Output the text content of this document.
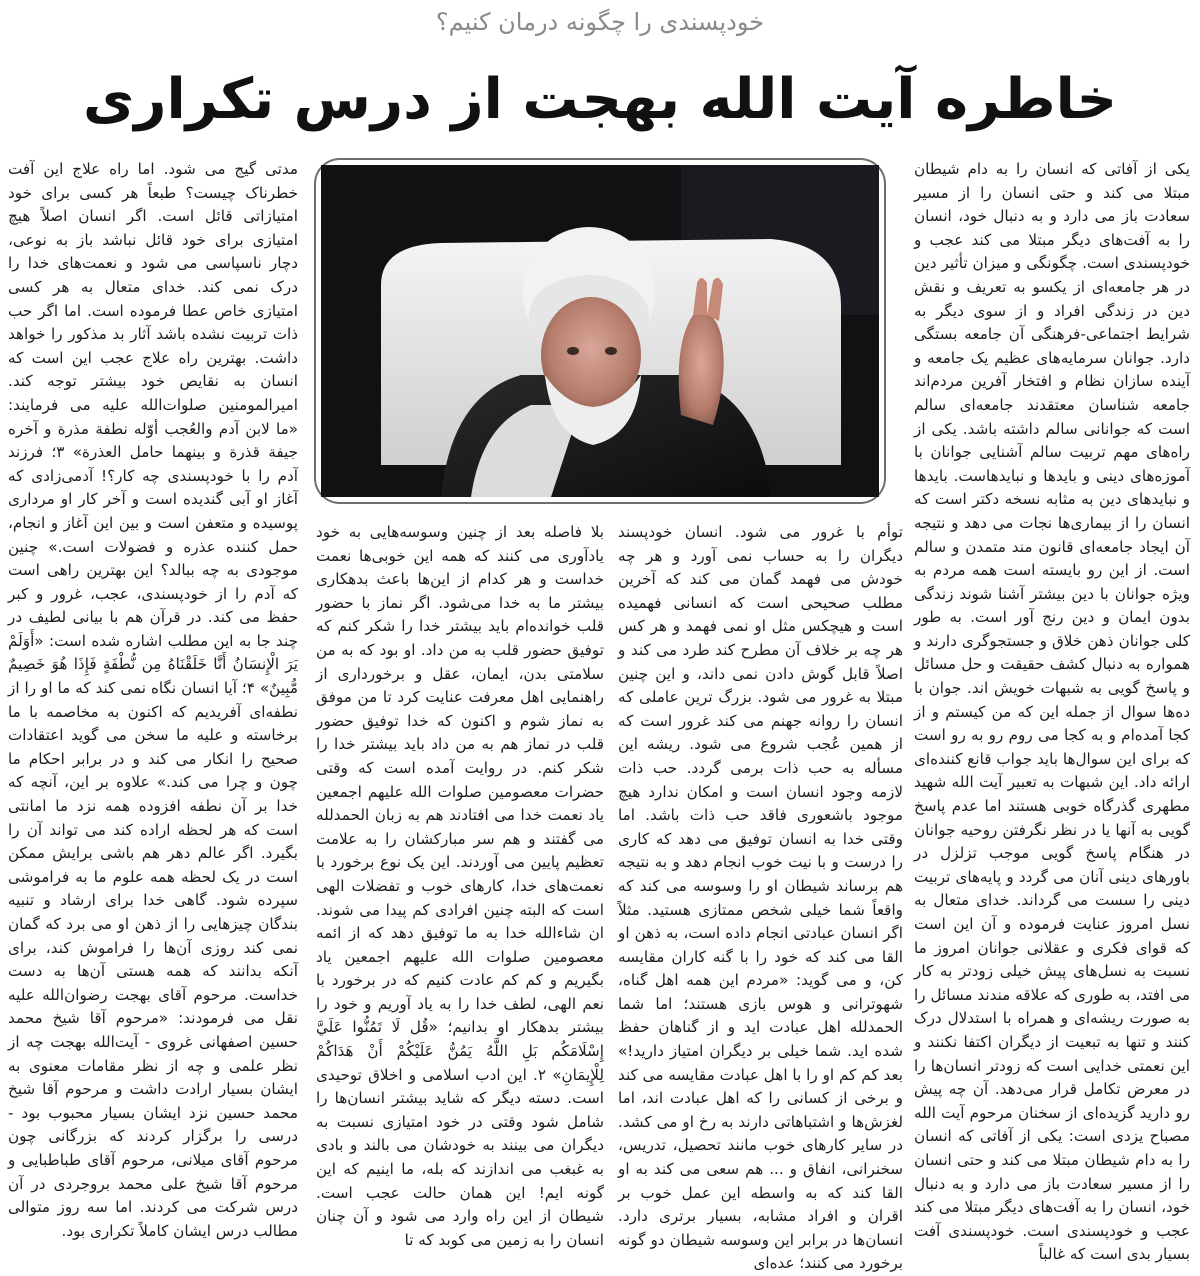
خودپسندی را چگونه درمان کنیم؟
خاطره آیت الله بهجت از درس تکراری

یکی از آفاتی که انسان را به دام شیطان مبتلا می کند و حتی انسان را از مسیر سعادت باز می دارد و به دنبال خود، انسان را به آفت‌های دیگر مبتلا می کند عجب و خودپسندی است. چگونگی و میزان تأثیر دین در هر جامعه‌ای از یکسو به تعریف و نقش دین در زندگی افراد و از سوی دیگر به شرایط اجتماعی-فرهنگی آن جامعه بستگی دارد. جوانان سرمایه‌های عظیم یک جامعه و آینده سازان نظام و افتخار آفرین مردم‌اند جامعه شناسان معتقدند جامعه‌ای سالم است که جوانانی سالم داشته باشد. یکی از راه‌های مهم تربیت سالم آشنایی جوانان با آموزه‌های دینی و بایدها و نبایدهاست. بایدها و نبایدهای دین به مثابه نسخه دکتر است که انسان را از بیماری‌ها نجات می دهد و نتیجه آن ایجاد جامعه‌ای قانون مند متمدن و سالم است. از این رو بایسته است همه مردم به ویژه جوانان با دین بیشتر آشنا شوند زندگی بدون ایمان و دین رنج آور است. به طور کلی جوانان ذهن خلاق و جستجوگری دارند و همواره به دنبال کشف حقیقت و حل مسائل و پاسخ گویی به شبهات خویش اند. جوان با ده‌ها سوال از جمله این که من کیستم و از کجا آمده‌ام و به کجا می روم رو به رو است که برای این سوال‌ها باید جواب قانع کننده‌ای ارائه داد. این شبهات به تعبیر آیت الله شهید مطهری گذرگاه خوبی هستند اما عدم پاسخ گویی به آنها یا در نظر نگرفتن روحیه جوانان در هنگام پاسخ گویی موجب تزلزل در باورهای دینی آنان می گردد و پایه‌های تربیت دینی را سست می گرداند. خدای متعال به نسل امروز عنایت فرموده و آن این است که قوای فکری و عقلانی جوانان امروز ما نسبت به نسل‌های پیش خیلی زودتر به کار می افتد، به طوری که علاقه مندند مسائل را به صورت ریشه‌ای و همراه با استدلال درک کنند و تنها به تبعیت از دیگران اکتفا نکنند و این نعمتی خدایی است که زودتر انسان‌ها را در معرض تکامل قرار می‌دهد. آن چه پیش رو دارید گزیده‌ای از سخنان مرحوم آیت الله مصباح یزدی است: یکی از آفاتی که انسان را به دام شیطان مبتلا می کند و حتی انسان را از مسیر سعادت باز می دارد و به دنبال خود، انسان را به آفت‌های دیگر مبتلا می کند عجب و خودپسندی است. خودپسندی آفت بسیار بدی است که غالباً

توأم با غرور می شود. انسان خودپسند دیگران را به حساب نمی آورد و هر چه خودش می فهمد گمان می کند که آخرین مطلب صحیحی است که انسانی فهمیده است و هیچکس مثل او نمی فهمد و هر کس هر چه بر خلاف آن مطرح کند طرد می کند و اصلاً قابل گوش دادن نمی داند، و این چنین مبتلا به غرور می شود. بزرگ ترین عاملی که انسان را روانه جهنم می کند غرور است که از همین عُجب شروع می شود. ریشه این مسأله به حب ذات برمی گردد. حب ذات لازمه وجود انسان است و امکان ندارد هیچ موجود باشعوری فاقد حب ذات باشد. اما وقتی خدا به انسان توفیق می دهد که کاری را درست و با نیت خوب انجام دهد و به نتیجه هم برساند شیطان او را وسوسه می کند که واقعاً شما خیلی شخص ممتازی هستید. مثلاً اگر انسان عبادتی انجام داده است، به ذهن او القا می کند که خود را با گنه کاران مقایسه کن، و می گوید: «مردم این همه اهل گناه، شهوترانی و هوس بازی هستند؛ اما شما الحمدلله اهل عبادت اید و از گناهان حفظ شده اید. شما خیلی بر دیگران امتیاز دارید!» بعد کم کم او را با اهل عبادت مقایسه می کند و برخی از کسانی را که اهل عبادت اند، اما لغزش‌ها و اشتباهاتی دارند به رخ او می کشد. در سایر کارهای خوب مانند تحصیل، تدریس، سخنرانی، انفاق و ... هم سعی می کند به او القا کند که به واسطه این عمل خوب بر اقران و افراد مشابه، بسیار برتری دارد. انسان‌ها در برابر این وسوسه شیطان دو گونه برخورد می کنند؛ عده‌ای

بلا فاصله بعد از چنین وسوسه‌هایی به خود یادآوری می کنند که همه این خوبی‌ها نعمت خداست و هر کدام از این‌ها باعث بدهکاری بیشتر ما به خدا می‌شود. اگر نماز با حضور قلب خوانده‌ام باید بیشتر خدا را شکر کنم که توفیق حضور قلب به من داد. او بود که به من سلامتی بدن، ایمان، عقل و برخورداری از راهنمایی اهل معرفت عنایت کرد تا من موفق به نماز شوم و اکنون که خدا توفیق حضور قلب در نماز هم به من داد باید بیشتر خدا را شکر کنم. در روایت آمده است که وقتی حضرات معصومین صلوات الله علیهم اجمعین یاد نعمت خدا می افتادند هم به زبان الحمدلله می گفتند و هم سر مبارکشان را به علامت تعظیم پایین می آوردند. این یک نوع برخورد با نعمت‌های خدا، کارهای خوب و تفضلات الهی است که البته چنین افرادی کم پیدا می شوند. ان شاءالله خدا به ما توفیق دهد که از ائمه معصومین صلوات الله علیهم اجمعین یاد بگیریم و کم کم عادت کنیم که در برخورد با نعم الهی، لطف خدا را به یاد آوریم و خود را بیشتر بدهکار او بدانیم؛ «قُل لَا تَمُنُّوا عَلَيَّ إِسْلَامَكُم بَلِ اللَّهُ يَمُنُّ عَلَيْكُمْ أَنْ هَدَاكُمْ لِلْإِيمَانِ» ۲. این ادب اسلامی و اخلاق توحیدی است. دسته دیگر که شاید بیشتر انسان‌ها را شامل شود وقتی در خود امتیازی نسبت به دیگران می بینند به خودشان می بالند و بادی به غبغب می اندازند که بله، ما اینیم که این گونه ایم! این همان حالت عجب است. شیطان از این راه وارد می شود و آن چنان انسان را به زمین می کوبد که تا

مدتی گیج می شود. اما راه علاج این آفت خطرناک چیست؟ طبعاً هر کسی برای خود امتیازاتی قائل است. اگر انسان اصلاً هیچ امتیازی برای خود قائل نباشد باز به نوعی، دچار ناسپاسی می شود و نعمت‌های خدا را درک نمی کند. خدای متعال به هر کسی امتیازی خاص عطا فرموده است. اما اگر حب ذات تربیت نشده باشد آثار بد مذکور را خواهد داشت. بهترین راه علاج عجب این است که انسان به نقایص خود بیشتر توجه کند. امیرالمومنین صلوات‌الله علیه می فرمایند: «ما لابن آدم والعُجب أوّله نطفة مذرة و آخره جیفة قذرة و بینهما حامل العذرة» ۳؛ فرزند آدم را با خودپسندی چه کار؟! آدمی‌زادی که آغاز او آبی گندیده است و آخر کار او مرداری پوسیده و متعفن است و بین این آغاز و انجام، حمل کننده عذره و فضولات است.» چنین موجودی به چه ببالد؟ این بهترین راهی است که آدم را از خودپسندی، عجب، غرور و کبر حفظ می کند. در قرآن هم با بیانی لطیف در چند جا به این مطلب اشاره شده است: «أَوَلَمْ يَرَ الْإِنسَانُ أَنَّا خَلَقْنَاهُ مِن نُّطْفَةٍ فَإِذَا هُوَ خَصِيمٌ مُّبِينٌ» ۴؛ آیا انسان نگاه نمی کند که ما او را از نطفه‌ای آفریدیم که اکنون به مخاصمه با ما برخاسته و علیه ما سخن می گوید اعتقادات صحیح را انکار می کند و در برابر احکام ما چون و چرا می کند.» علاوه بر این، آنچه که خدا بر آن نطفه افزوده همه نزد ما امانتی است که هر لحظه اراده کند می تواند آن را بگیرد. اگر عالم دهر هم باشی برایش ممکن است در یک لحظه همه علوم ما به فراموشی سپرده شود. گاهی خدا برای ارشاد و تنبیه بندگان چیزهایی را از ذهن او می برد که گمان نمی کند روزی آن‌ها را فراموش کند، برای آنکه بدانند که همه هستی آن‌ها به دست خداست. مرحوم آقای بهجت رضوان‌الله علیه نقل می فرمودند: «مرحوم آقا شیخ محمد حسین اصفهانی غروی - آیت‌الله بهجت چه از نظر علمی و چه از نظر مقامات معنوی به ایشان بسیار ارادت داشت و مرحوم آقا شیخ محمد حسین نزد ایشان بسیار محبوب بود - درسی را برگزار کردند که بزرگانی چون مرحوم آقای میلانی، مرحوم آقای طباطبایی و مرحوم آقا شیخ علی محمد بروجردی در آن درس شرکت می کردند. اما سه روز متوالی مطالب درس ایشان کاملاً تکراری بود.
